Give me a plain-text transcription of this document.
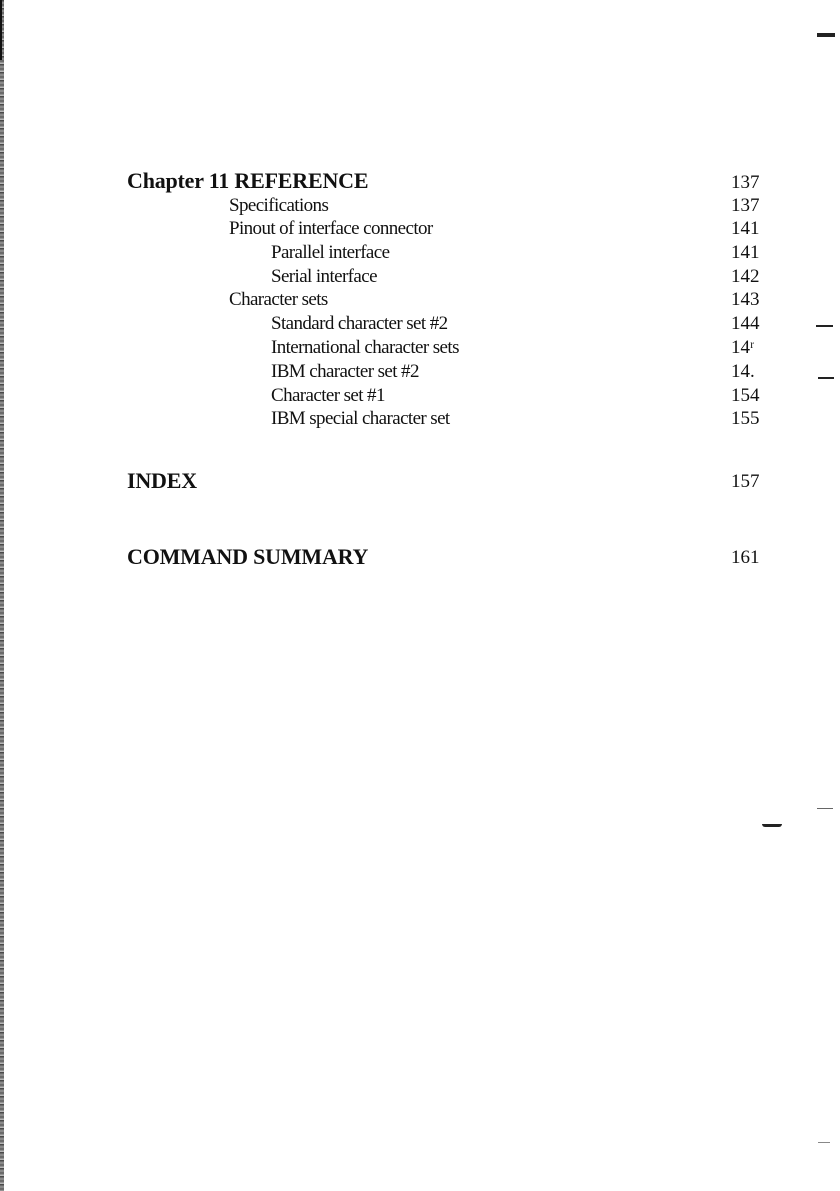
Chapter 11 REFERENCE	137
Specifications	137
Pinout of interface connector	141
Parallel interface	141
Serial interface	142
Character sets	143
Standard character set #2	144
International character sets	14ʳ
IBM character set #2	14.
Character set #1	154
IBM special character set	155
INDEX	157
COMMAND SUMMARY	161
